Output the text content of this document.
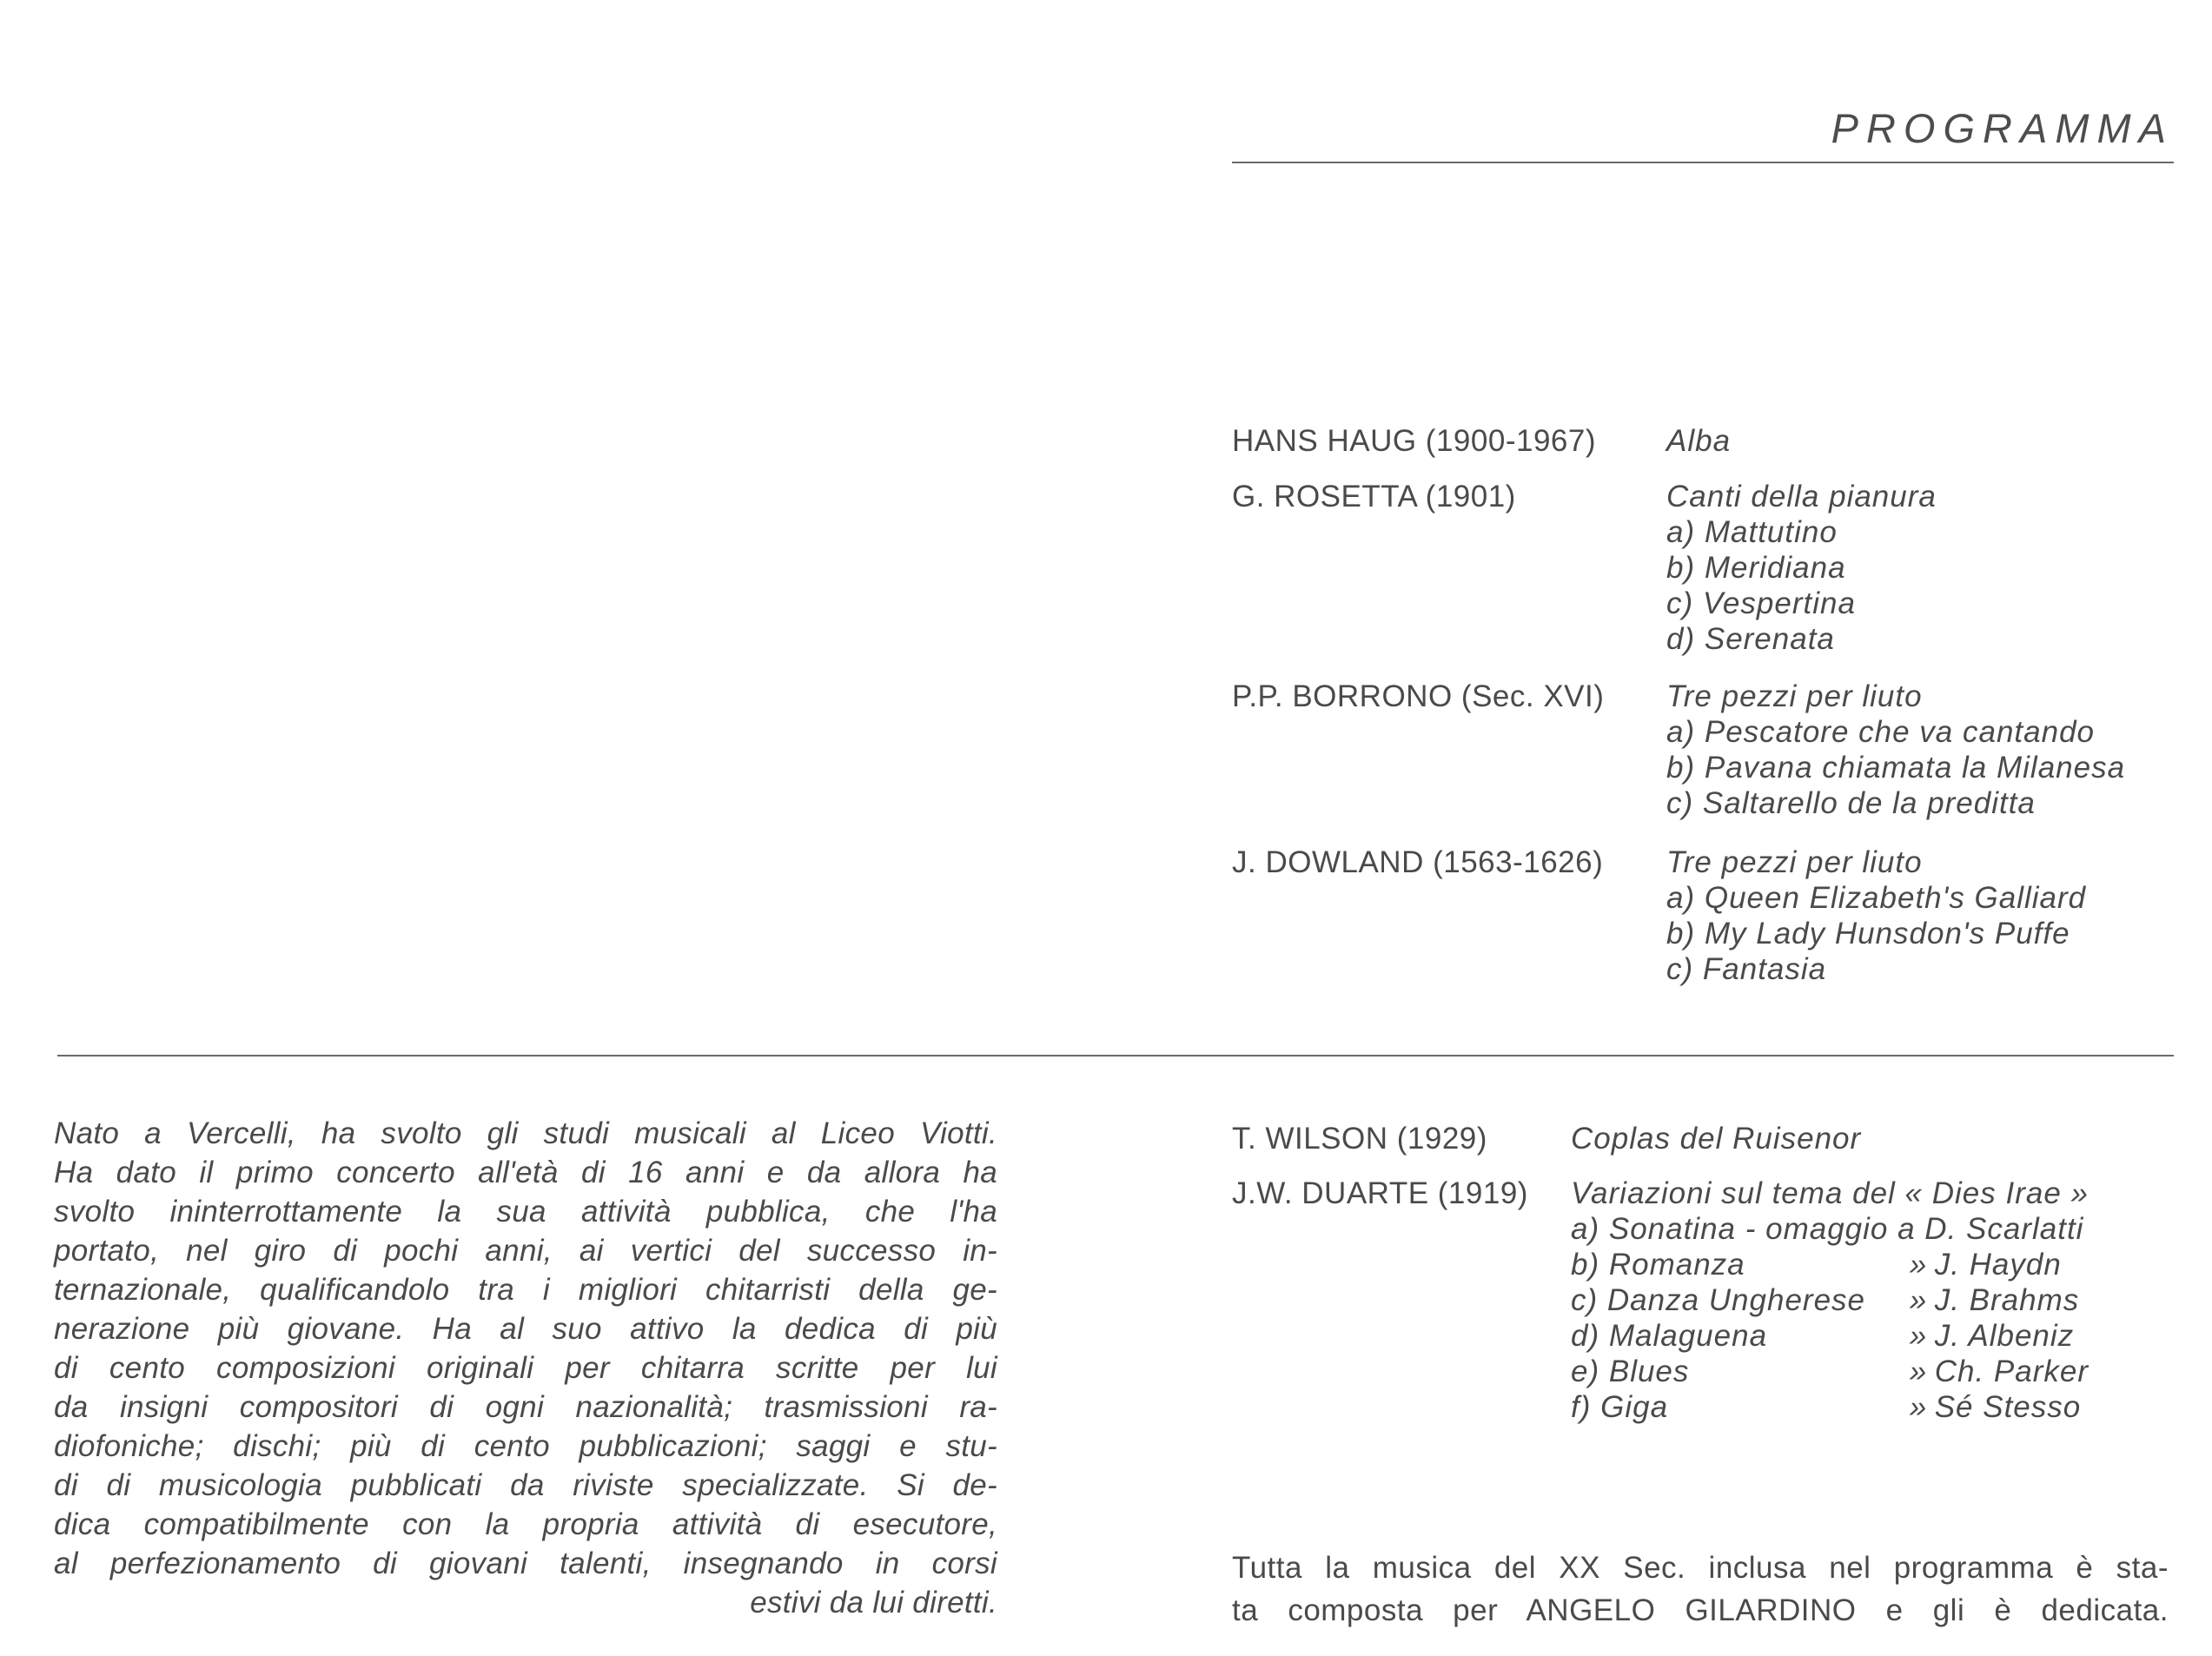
PROGRAMMA
HANS HAUG (1900-1967) Alba
G. ROSETTA (1901)	Canti della pianura
a) Mattutino
b) Meridiana
c) Vespertina
d) Serenata
P.P. BORRONO (Sec. XVI) Tre pezzi per liuto
a) Pescatore che va cantando
b) Pavana chiamata la Milanesa
c) Saltarello de la preditta
J. DOWLAND (1563-1626) Tre pezzi per liuto
a) Queen Elizabeth's Galliard
b) My Lady Hunsdon's Puffe
c) Fantasia
Nato a Vercelli, ha svolto gli studi musicali al Liceo Viotti.
Ha dato il primo concerto all'età di 16 anni e da allora ha
svolto ininterrottamente la sua attività pubblica, che l'ha
portato, nel giro di pochi anni, ai vertici del successo in-
ternazionale, qualificandolo tra i migliori chitarristi della ge-
nerazione più giovane. Ha al suo attivo la dedica di più
di cento composizioni originali per chitarra scritte per lui
da insigni compositori di ogni nazionalità; trasmissioni ra-
diofoniche; dischi; più di cento pubblicazioni; saggi e stu-
di di musicologia pubblicati da riviste specializzate. Si de-
dica compatibilmente con la propria attività di esecutore,
al perfezionamento di giovani talenti, insegnando in corsi
estivi da lui diretti.
T. WILSON (1929)	Coplas del Ruisenor
J.W. DUARTE (1919) Variazioni sul tema del « Dies Irae »
a) Sonatina - omaggio a D. Scarlatti
b) Romanza	»	J. Haydn
c) Danza Ungherese	»	J. Brahms
d) Malaguena	»	J. Albeniz
e) Blues	»	Ch. Parker
f) Giga	»	Sé Stesso
Tutta la musica del XX Sec. inclusa nel programma è sta-
ta composta per ANGELO GILARDINO e gli è dedicata.
